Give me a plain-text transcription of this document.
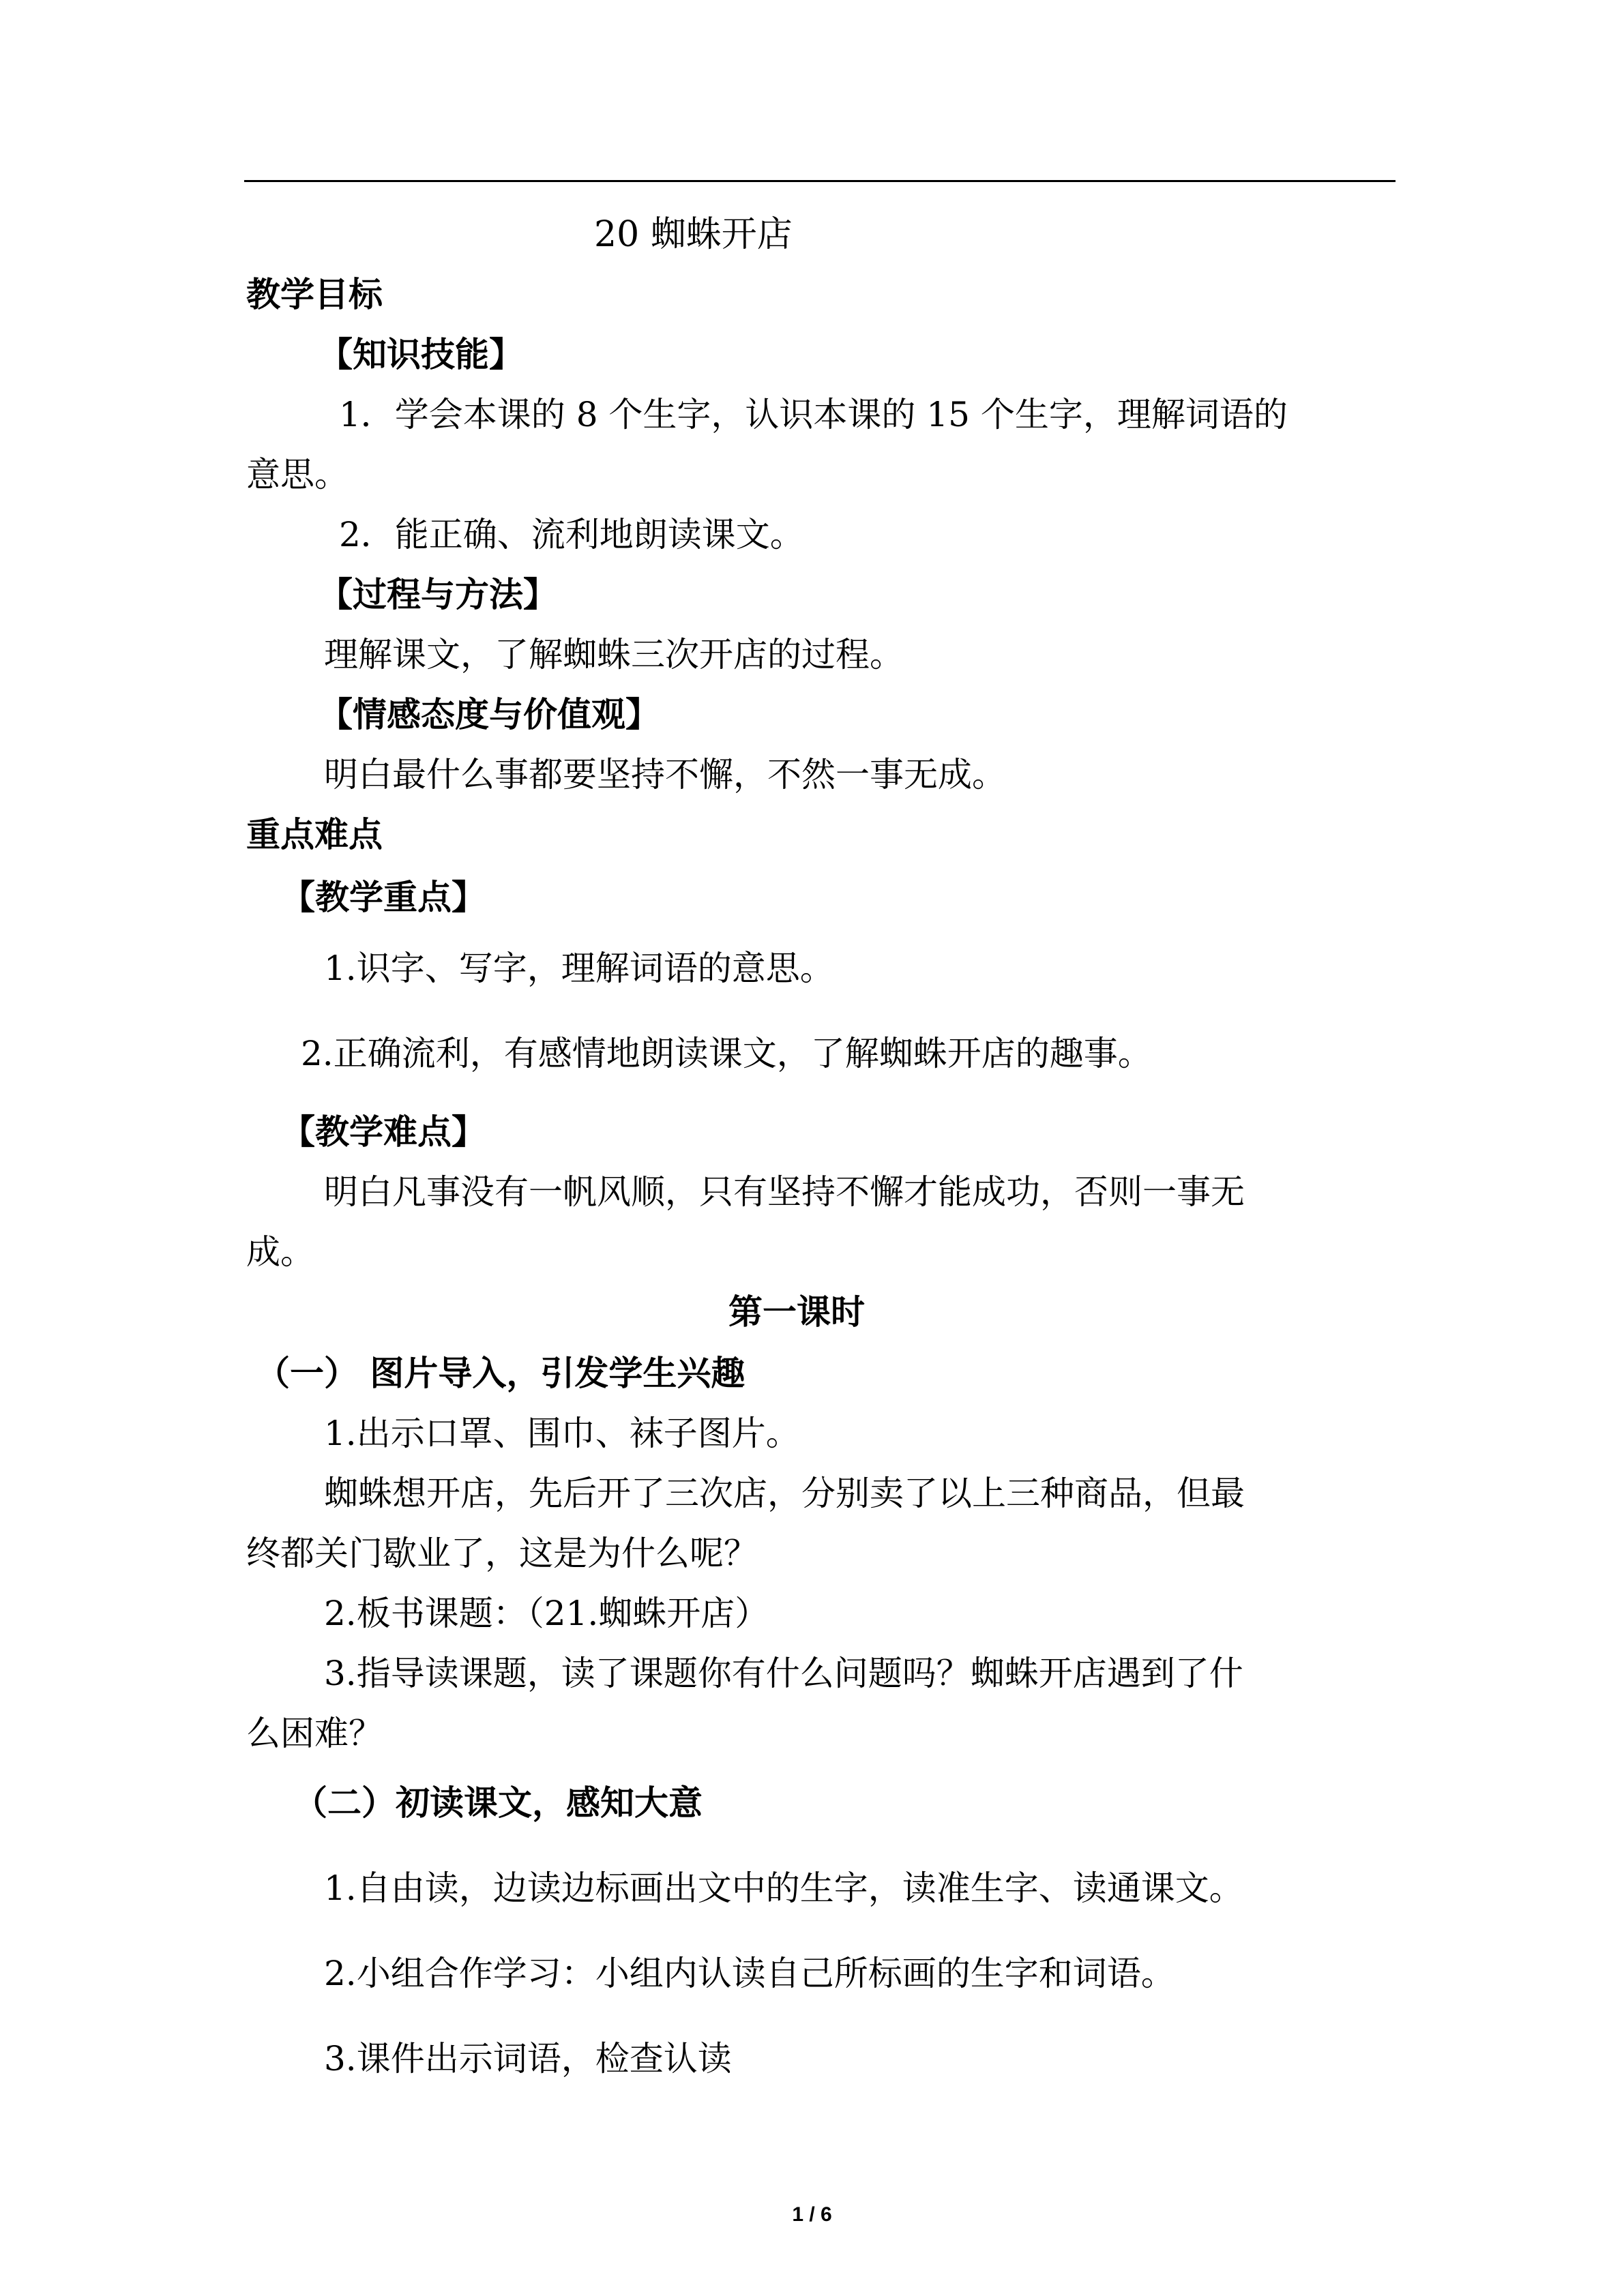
20 蜘蛛开店
教学目标
【知识技能】
1．学会本课的 8 个生字，认识本课的 15 个生字，理解词语的
意思。
2．能正确、流利地朗读课文。
【过程与方法】
理解课文，了解蜘蛛三次开店的过程。
【情感态度与价值观】
明白最什么事都要坚持不懈，不然一事无成。
重点难点
【教学重点】
1.识字、写字，理解词语的意思。
2.正确流利，有感情地朗读课文，了解蜘蛛开店的趣事。
【教学难点】
明白凡事没有一帆风顺，只有坚持不懈才能成功，否则一事无
成。
第一课时
（一） 图片导入，引发学生兴趣
1.出示口罩、围巾、袜子图片。
蜘蛛想开店，先后开了三次店，分别卖了以上三种商品，但最
终都关门歇业了，这是为什么呢？
2.板书课题：（21.蜘蛛开店）
3.指导读课题，读了课题你有什么问题吗？蜘蛛开店遇到了什
么困难？
（二）初读课文，感知大意
1.自由读，边读边标画出文中的生字，读准生字、读通课文。
2.小组合作学习：小组内认读自己所标画的生字和词语。
3.课件出示词语，检查认读
1 / 6
